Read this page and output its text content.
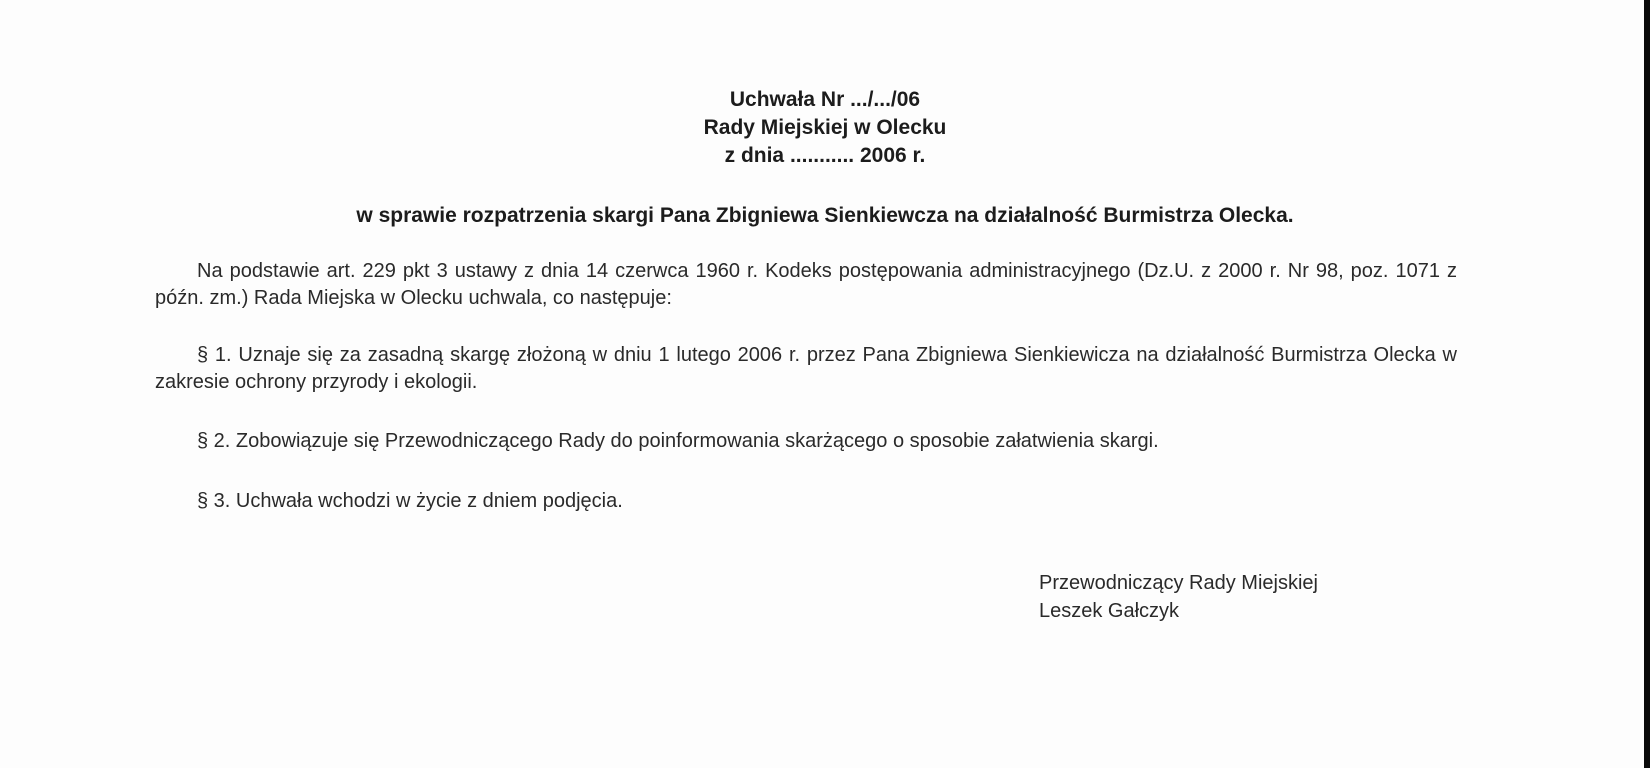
Uchwała Nr .../.../06
Rady Miejskiej w Olecku
z dnia ........... 2006 r.
w sprawie rozpatrzenia skargi Pana Zbigniewa Sienkiewcza na działalność Burmistrza Olecka.
Na podstawie art. 229 pkt 3 ustawy z dnia 14 czerwca 1960 r. Kodeks postępowania administracyjnego (Dz.U. z 2000 r. Nr 98, poz. 1071 z późn. zm.) Rada Miejska w Olecku uchwala, co następuje:
§ 1. Uznaje się za zasadną skargę złożoną w dniu 1 lutego 2006 r. przez Pana Zbigniewa Sienkiewicza na działalność Burmistrza Olecka w zakresie ochrony przyrody i ekologii.
§ 2. Zobowiązuje się Przewodniczącego Rady do poinformowania skarżącego o sposobie załatwienia skargi.
§ 3. Uchwała wchodzi w życie z dniem podjęcia.
Przewodniczący Rady Miejskiej
Leszek Gałczyk
